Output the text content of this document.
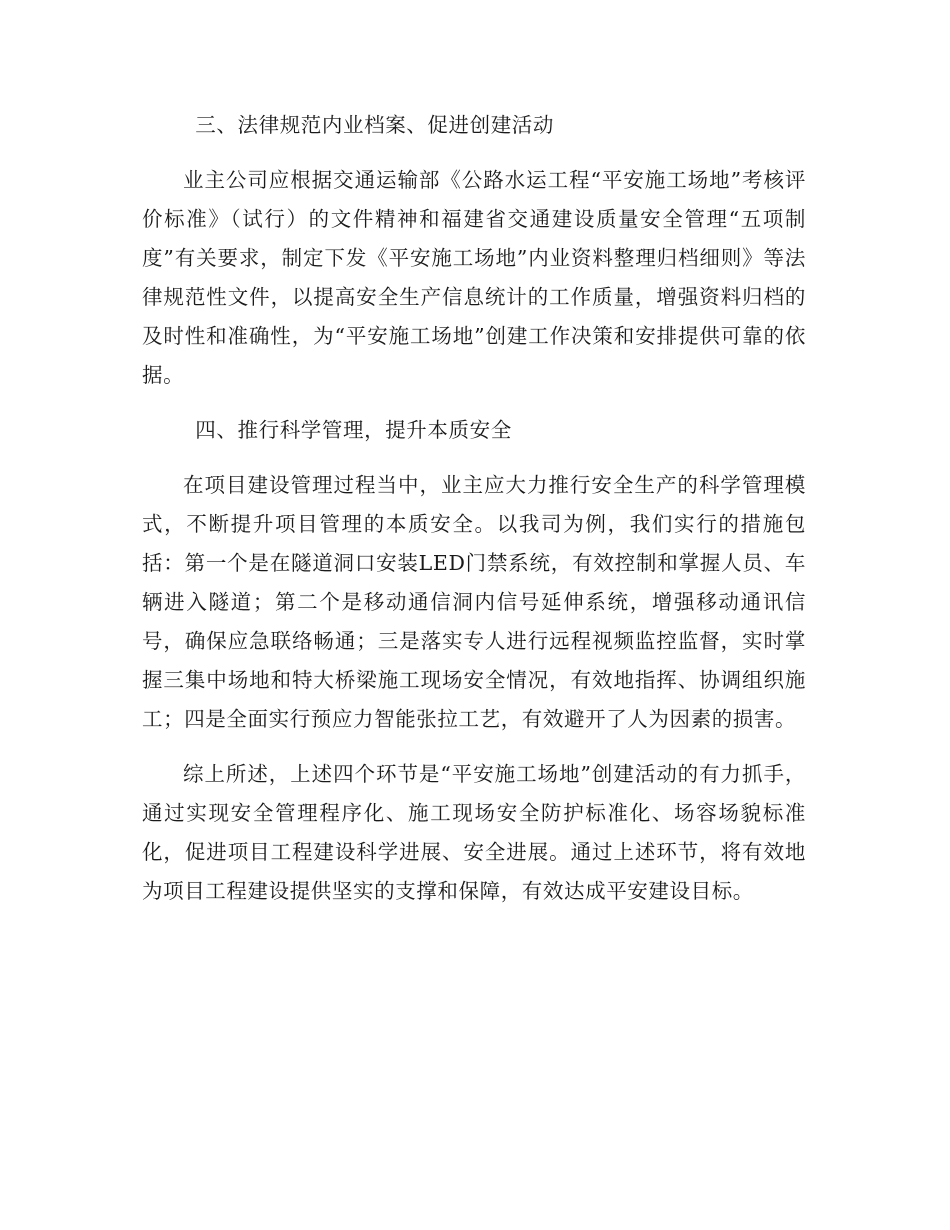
三、法律规范内业档案、促进创建活动

业主公司应根据交通运输部《公路水运工程“平安施工场地”考核评价标准》（试行）的文件精神和福建省交通建设质量安全管理“五项制度”有关要求，制定下发《平安施工场地”内业资料整理归档细则》等法律规范性文件，以提高安全生产信息统计的工作质量，增强资料归档的及时性和准确性，为“平安施工场地”创建工作决策和安排提供可靠的依据。

四、推行科学管理，提升本质安全

在项目建设管理过程当中，业主应大力推行安全生产的科学管理模式，不断提升项目管理的本质安全。以我司为例，我们实行的措施包括：第一个是在隧道洞口安装LED门禁系统，有效控制和掌握人员、车辆进入隧道；第二个是移动通信洞内信号延伸系统，增强移动通讯信号，确保应急联络畅通；三是落实专人进行远程视频监控监督，实时掌握三集中场地和特大桥梁施工现场安全情况，有效地指挥、协调组织施工；四是全面实行预应力智能张拉工艺，有效避开了人为因素的损害。

综上所述，上述四个环节是“平安施工场地”创建活动的有力抓手，通过实现安全管理程序化、施工现场安全防护标准化、场容场貌标准化，促进项目工程建设科学进展、安全进展。通过上述环节，将有效地为项目工程建设提供坚实的支撑和保障，有效达成平安建设目标。
